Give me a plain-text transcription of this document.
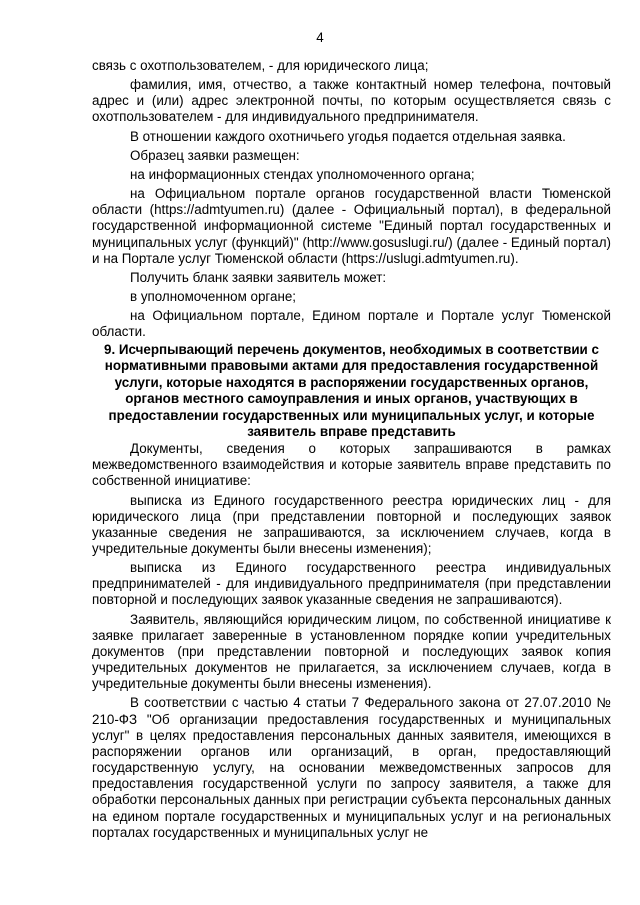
4

связь с охотпользователем, - для юридического лица;

фамилия, имя, отчество, а также контактный номер телефона, почтовый адрес и (или) адрес электронной почты, по которым осуществляется связь с охотпользователем - для индивидуального предпринимателя.

В отношении каждого охотничьего угодья подается отдельная заявка.

Образец заявки размещен:

на информационных стендах уполномоченного органа;

на Официальном портале органов государственной власти Тюменской области (https://admtyumen.ru) (далее - Официальный портал), в федеральной государственной информационной системе "Единый портал государственных и муниципальных услуг (функций)" (http://www.gosuslugi.ru/) (далее - Единый портал) и на Портале услуг Тюменской области (https://uslugi.admtyumen.ru).

Получить бланк заявки заявитель может:

в уполномоченном органе;

на Официальном портале, Едином портале и Портале услуг Тюменской области.

9. Исчерпывающий перечень документов, необходимых в соответствии с нормативными правовыми актами для предоставления государственной услуги, которые находятся в распоряжении государственных органов, органов местного самоуправления и иных органов, участвующих в предоставлении государственных или муниципальных услуг, и которые заявитель вправе представить

Документы, сведения о которых запрашиваются в рамках межведомственного взаимодействия и которые заявитель вправе представить по собственной инициативе:

выписка из Единого государственного реестра юридических лиц - для юридического лица (при представлении повторной и последующих заявок указанные сведения не запрашиваются, за исключением случаев, когда в учредительные документы были внесены изменения);

выписка из Единого государственного реестра индивидуальных предпринимателей - для индивидуального предпринимателя (при представлении повторной и последующих заявок указанные сведения не запрашиваются).

Заявитель, являющийся юридическим лицом, по собственной инициативе к заявке прилагает заверенные в установленном порядке копии учредительных документов (при представлении повторной и последующих заявок копия учредительных документов не прилагается, за исключением случаев, когда в учредительные документы были внесены изменения).

В соответствии с частью 4 статьи 7 Федерального закона от 27.07.2010 № 210-ФЗ "Об организации предоставления государственных и муниципальных услуг" в целях предоставления персональных данных заявителя, имеющихся в распоряжении органов или организаций, в орган, предоставляющий государственную услугу, на основании межведомственных запросов для предоставления государственной услуги по запросу заявителя, а также для обработки персональных данных при регистрации субъекта персональных данных на едином портале государственных и муниципальных услуг и на региональных порталах государственных и муниципальных услуг не
